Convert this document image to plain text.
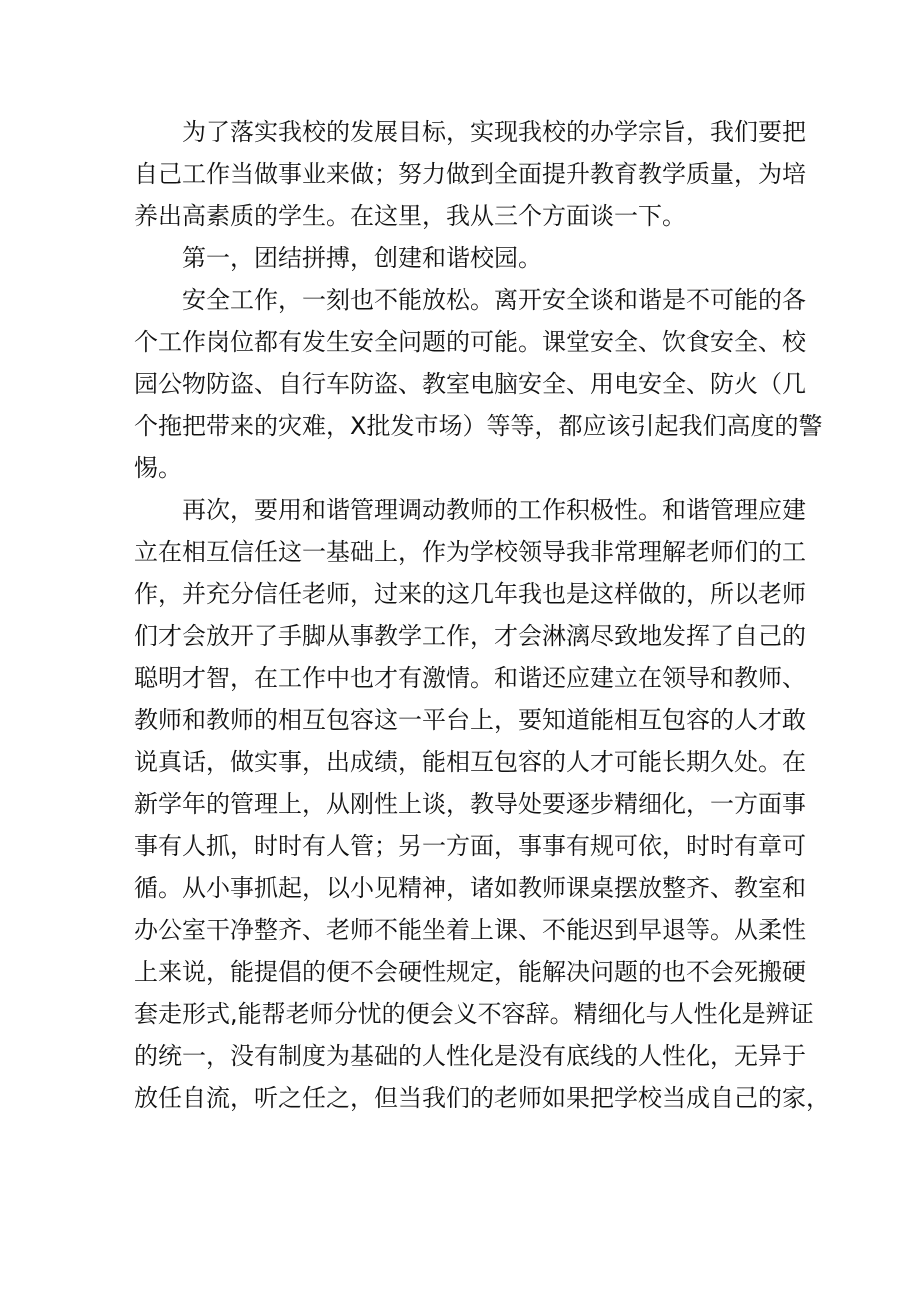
为了落实我校的发展目标，实现我校的办学宗旨，我们要把
自己工作当做事业来做；努力做到全面提升教育教学质量，为培
养出高素质的学生。在这里，我从三个方面谈一下。
第一，团结拼搏，创建和谐校园。
安全工作，一刻也不能放松。离开安全谈和谐是不可能的各
个工作岗位都有发生安全问题的可能。课堂安全、饮食安全、校
园公物防盗、自行车防盗、教室电脑安全、用电安全、防火（几
个拖把带来的灾难，X批发市场）等等，都应该引起我们高度的警
惕。
再次，要用和谐管理调动教师的工作积极性。和谐管理应建
立在相互信任这一基础上，作为学校领导我非常理解老师们的工
作，并充分信任老师，过来的这几年我也是这样做的，所以老师
们才会放开了手脚从事教学工作，才会淋漓尽致地发挥了自己的
聪明才智，在工作中也才有激情。和谐还应建立在领导和教师、
教师和教师的相互包容这一平台上，要知道能相互包容的人才敢
说真话，做实事，出成绩，能相互包容的人才可能长期久处。在
新学年的管理上，从刚性上谈，教导处要逐步精细化，一方面事
事有人抓，时时有人管；另一方面，事事有规可依，时时有章可
循。从小事抓起，以小见精神，诸如教师课桌摆放整齐、教室和
办公室干净整齐、老师不能坐着上课、不能迟到早退等。从柔性
上来说，能提倡的便不会硬性规定，能解决问题的也不会死搬硬
套走形式,能帮老师分忧的便会义不容辞。精细化与人性化是辨证
的统一，没有制度为基础的人性化是没有底线的人性化，无异于
放任自流，听之任之，但当我们的老师如果把学校当成自己的家，
